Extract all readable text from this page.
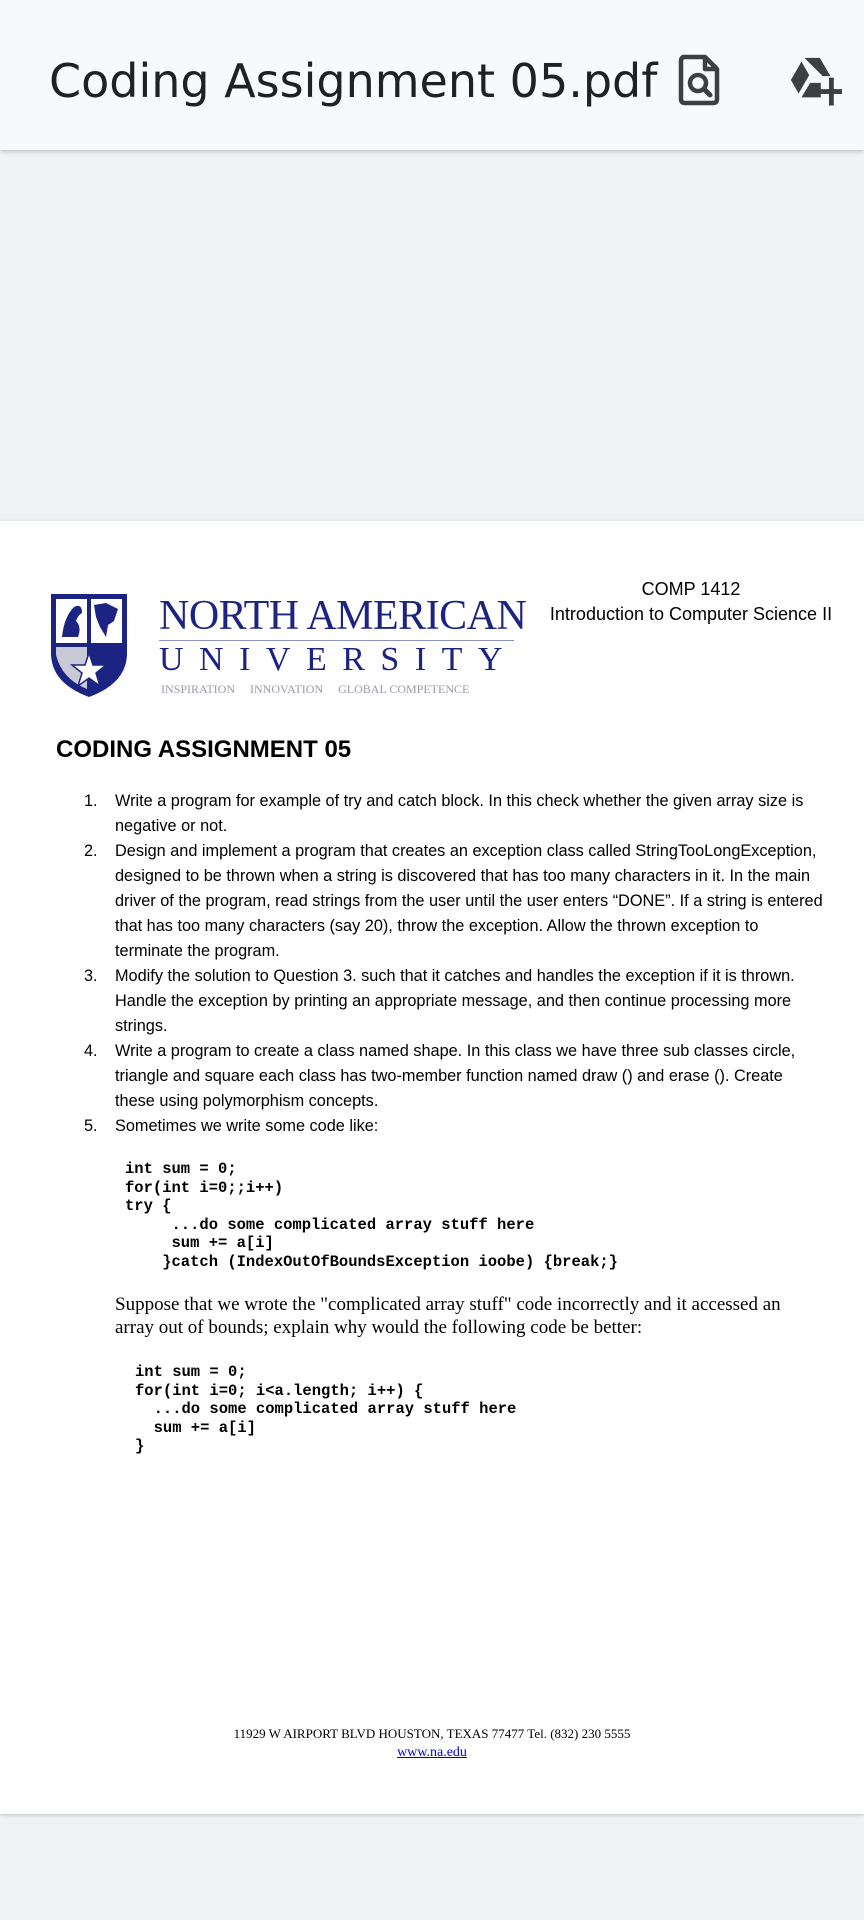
Coding Assignment 05.pdf
NORTH AMERICAN
UNIVERSITY
INSPIRATION     INNOVATION     GLOBAL COMPETENCE
COMP 1412
Introduction to Computer Science II
CODING ASSIGNMENT 05
1. Write a program for example of try and catch block. In this check whether the given array size is negative or not.
2. Design and implement a program that creates an exception class called StringTooLongException, designed to be thrown when a string is discovered that has too many characters in it. In the main driver of the program, read strings from the user until the user enters “DONE”. If a string is entered that has too many characters (say 20), throw the exception. Allow the thrown exception to terminate the program.
3. Modify the solution to Question 3. such that it catches and handles the exception if it is thrown. Handle the exception by printing an appropriate message, and then continue processing more strings.
4. Write a program to create a class named shape. In this class we have three sub classes circle, triangle and square each class has two-member function named draw () and erase (). Create these using polymorphism concepts.
5. Sometimes we write some code like:
int sum = 0;
for(int i=0;;i++)
try {
...do some complicated array stuff here
sum += a[i]
}catch (IndexOutOfBoundsException ioobe) {break;}
Suppose that we wrote the "complicated array stuff" code incorrectly and it accessed an array out of bounds; explain why would the following code be better:
int sum = 0;
for(int i=0; i<a.length; i++) {
...do some complicated array stuff here
sum += a[i]
}
11929 W AIRPORT BLVD HOUSTON, TEXAS 77477 Tel. (832) 230 5555
www.na.edu
